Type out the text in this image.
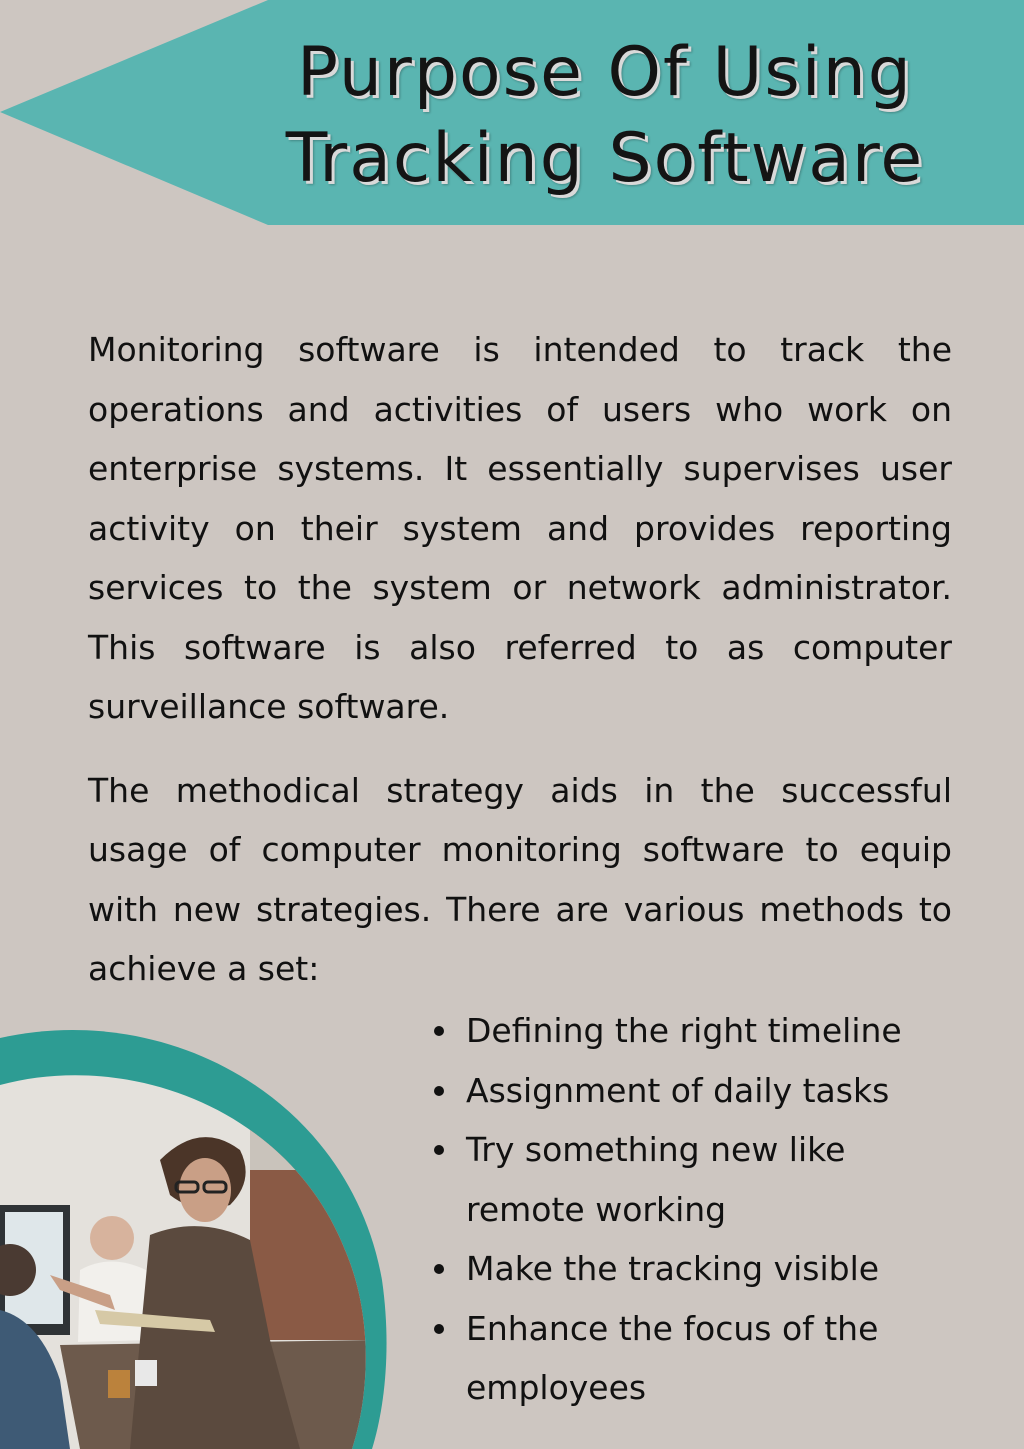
Purpose Of Using
Tracking Software

Monitoring software is intended to track the operations and activities of users who work on enterprise systems. It essentially supervises user activity on their system and provides reporting services to the system or network administrator. This software is also referred to as computer surveillance software.

The methodical strategy aids in the successful usage of computer monitoring software to equip with new strategies. There are various methods to achieve a set:

Defining the right timeline
Assignment of daily tasks
Try something new like remote working
Make the tracking visible
Enhance the focus of the employees
